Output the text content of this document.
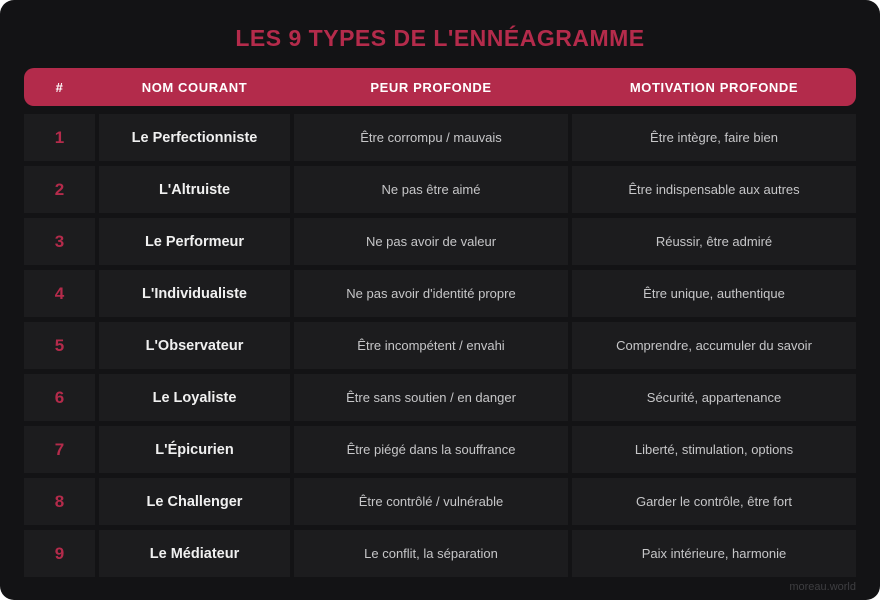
LES 9 TYPES DE L'ENNÉAGRAMME
#	NOM COURANT	PEUR PROFONDE	MOTIVATION PROFONDE
1	Le Perfectionniste	Être corrompu / mauvais	Être intègre, faire bien
2	L'Altruiste	Ne pas être aimé	Être indispensable aux autres
3	Le Performeur	Ne pas avoir de valeur	Réussir, être admiré
4	L'Individualiste	Ne pas avoir d'identité propre	Être unique, authentique
5	L'Observateur	Être incompétent / envahi	Comprendre, accumuler du savoir
6	Le Loyaliste	Être sans soutien / en danger	Sécurité, appartenance
7	L'Épicurien	Être piégé dans la souffrance	Liberté, stimulation, options
8	Le Challenger	Être contrôlé / vulnérable	Garder le contrôle, être fort
9	Le Médiateur	Le conflit, la séparation	Paix intérieure, harmonie
moreau.world
